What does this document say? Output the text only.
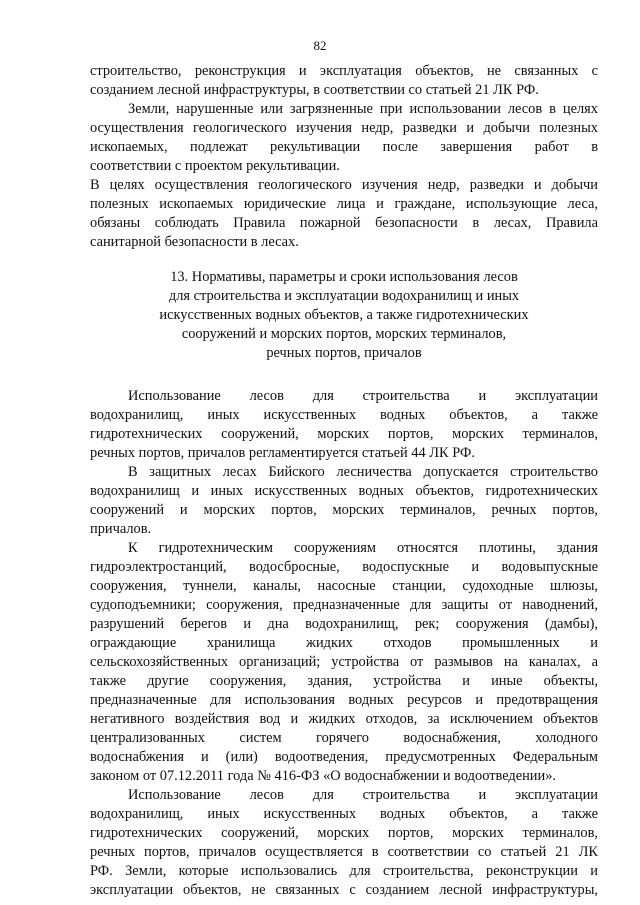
82
строительство, реконструкция и эксплуатация объектов, не связанных с
созданием лесной инфраструктуры, в соответствии со статьей 21 ЛК РФ.
Земли, нарушенные или загрязненные при использовании лесов в целях
осуществления геологического изучения недр, разведки и добычи полезных
ископаемых, подлежат рекультивации после завершения работ в
соответствии с проектом рекультивации.
В целях осуществления геологического изучения недр, разведки и добычи
полезных ископаемых юридические лица и граждане, использующие леса,
обязаны соблюдать Правила пожарной безопасности в лесах, Правила
санитарной безопасности в лесах.
13. Нормативы, параметры и сроки использования лесов
для строительства и эксплуатации водохранилищ и иных
искусственных водных объектов, а также гидротехнических
сооружений и морских портов, морских терминалов,
речных портов, причалов
Использование лесов для строительства и эксплуатации
водохранилищ, иных искусственных водных объектов, а также
гидротехнических сооружений, морских портов, морских терминалов,
речных портов, причалов регламентируется статьей 44 ЛК РФ.
В защитных лесах Бийского лесничества допускается строительство
водохранилищ и иных искусственных водных объектов, гидротехнических
сооружений и морских портов, морских терминалов, речных портов,
причалов.
К гидротехническим сооружениям относятся плотины, здания
гидроэлектростанций, водосбросные, водоспускные и водовыпускные
сооружения, туннели, каналы, насосные станции, судоходные шлюзы,
судоподъемники; сооружения, предназначенные для защиты от наводнений,
разрушений берегов и дна водохранилищ, рек; сооружения (дамбы),
ограждающие хранилища жидких отходов промышленных и
сельскохозяйственных организаций; устройства от размывов на каналах, а
также другие сооружения, здания, устройства и иные объекты,
предназначенные для использования водных ресурсов и предотвращения
негативного воздействия вод и жидких отходов, за исключением объектов
централизованных систем горячего водоснабжения, холодного
водоснабжения и (или) водоотведения, предусмотренных Федеральным
законом от 07.12.2011 года № 416-ФЗ «О водоснабжении и водоотведении».
Использование лесов для строительства и эксплуатации
водохранилищ, иных искусственных водных объектов, а также
гидротехнических сооружений, морских портов, морских терминалов,
речных портов, причалов осуществляется в соответствии со статьей 21 ЛК
РФ. Земли, которые использовались для строительства, реконструкции и
эксплуатации объектов, не связанных с созданием лесной инфраструктуры,
